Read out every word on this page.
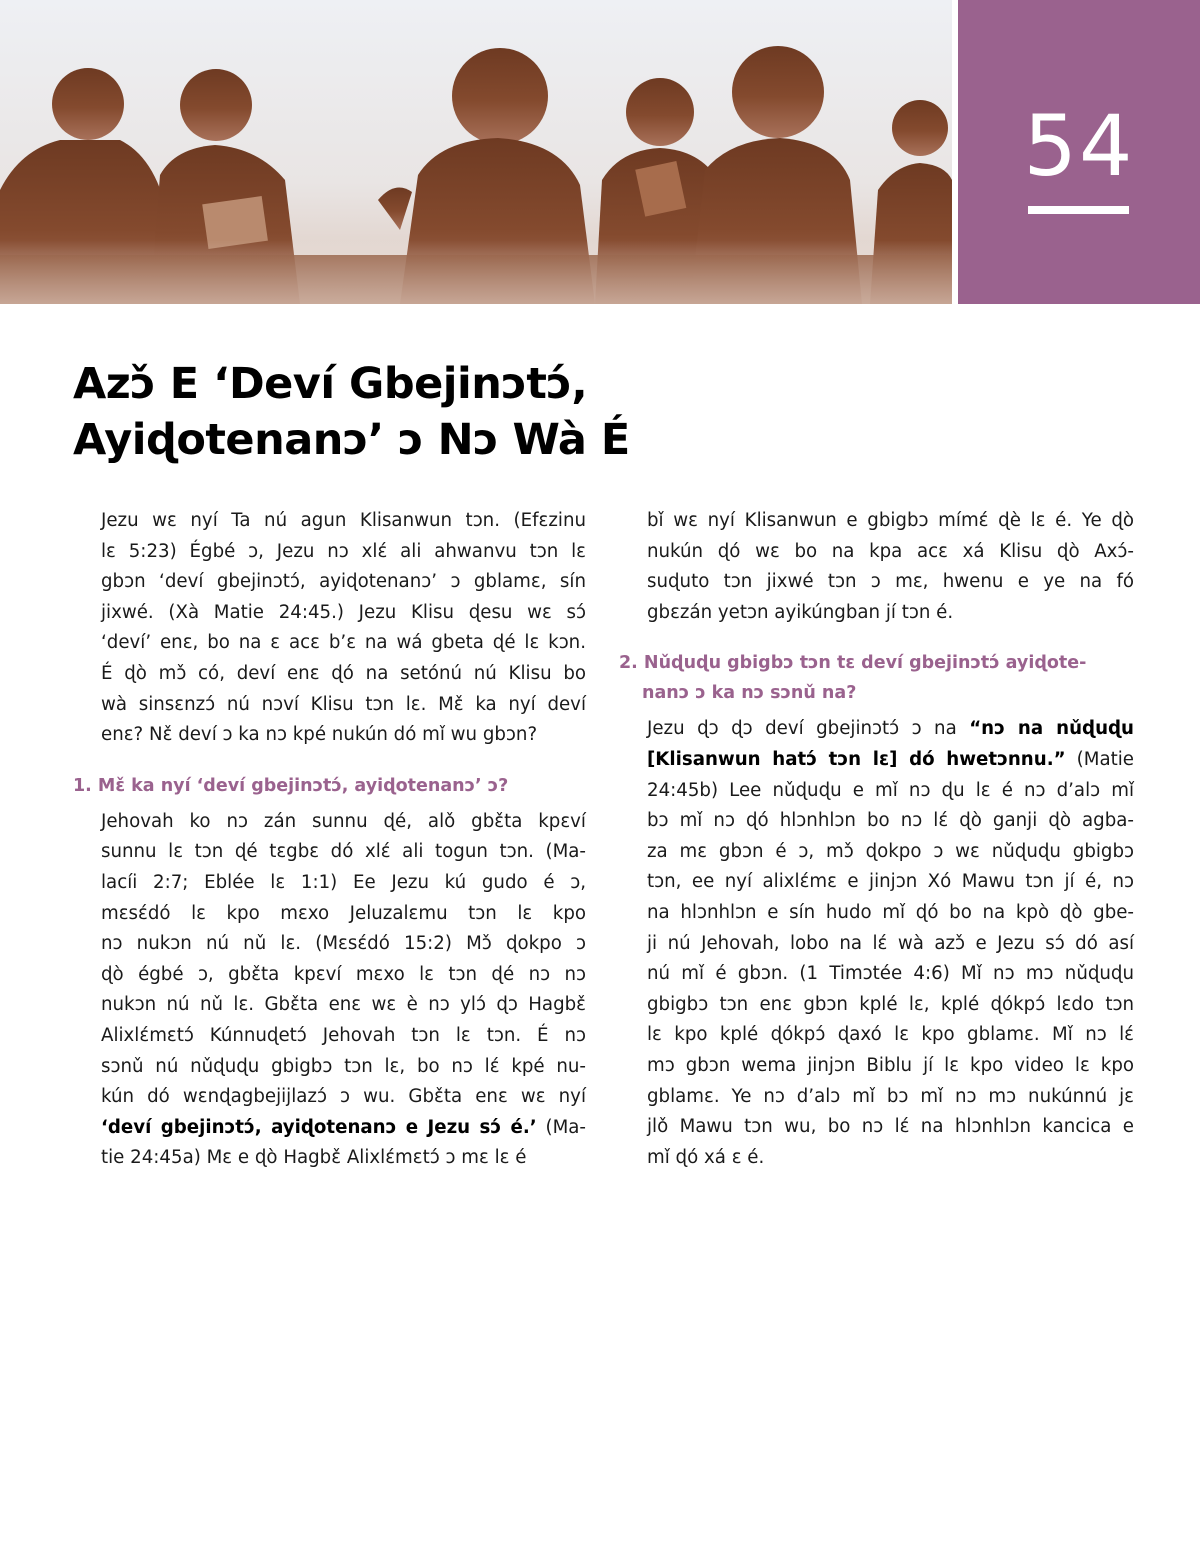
54
Azɔ̌ E ‘Deví Gbejinɔtɔ́,
Ayiɖotenanɔ’ ɔ Nɔ Wà É

Jezu wɛ nyí Ta nú agun Klisanwun tɔn. (Efɛzinu
lɛ 5:23) Égbé ɔ, Jezu nɔ xlɛ́ ali ahwanvu tɔn lɛ
gbɔn ‘deví gbejinɔtɔ́, ayiɖotenanɔ’ ɔ gblamɛ, sín
jixwé. (Xà Matie 24:45.) Jezu Klisu ɖesu wɛ sɔ́
‘deví’ enɛ, bo na ɛ acɛ b’ɛ na wá gbeta ɖé lɛ kɔn.
É ɖò mɔ̌ có, deví enɛ ɖó na setónú nú Klisu bo
wà sinsɛnzɔ́ nú nɔví Klisu tɔn lɛ. Mɛ̌ ka nyí deví
enɛ? Nɛ̌ deví ɔ ka nɔ kpé nukún dó mǐ wu gbɔn?

1. Mɛ̌ ka nyí ‘deví gbejinɔtɔ́, ayiɖotenanɔ’ ɔ?

Jehovah ko nɔ zán sunnu ɖé, alǒ gbɛ̌ta kpɛví
sunnu lɛ tɔn ɖé tɛgbɛ dó xlɛ́ ali togun tɔn. (Ma-
lacíi 2:7; Eblée lɛ 1:1) Ee Jezu kú gudo é ɔ,
mɛsɛ́dó lɛ kpo mɛxo Jeluzalɛmu tɔn lɛ kpo
nɔ nukɔn nú nǔ lɛ. (Mɛsɛ́dó 15:2) Mɔ̌ ɖokpo ɔ
ɖò égbé ɔ, gbɛ̌ta kpɛví mɛxo lɛ tɔn ɖé nɔ nɔ
nukɔn nú nǔ lɛ. Gbɛ̌ta enɛ wɛ è nɔ ylɔ́ ɖɔ Hagbɛ̌
Alixlɛ́mɛtɔ́ Kúnnuɖetɔ́ Jehovah tɔn lɛ tɔn. É nɔ
sɔnǔ nú nǔɖuɖu gbigbɔ tɔn lɛ, bo nɔ lɛ́ kpé nu-
kún dó wɛnɖagbejijlazɔ́ ɔ wu. Gbɛ̌ta enɛ wɛ nyí
‘deví gbejinɔtɔ́, ayiɖotenanɔ e Jezu sɔ́ é.’ (Ma-
tie 24:45a) Mɛ e ɖò Hagbɛ̌ Alixlɛ́mɛtɔ́ ɔ mɛ lɛ é

bǐ wɛ nyí Klisanwun e gbigbɔ mímɛ́ ɖè lɛ é. Ye ɖò
nukún ɖó wɛ bo na kpa acɛ xá Klisu ɖò Axɔ́-
suɖuto tɔn jixwé tɔn ɔ mɛ, hwenu e ye na fó
gbɛzán yetɔn ayikúngban jí tɔn é.

2. Nǔɖuɖu gbigbɔ tɔn tɛ deví gbejinɔtɔ́ ayiɖote-
nanɔ ɔ ka nɔ sɔnǔ na?

Jezu ɖɔ ɖɔ deví gbejinɔtɔ́ ɔ na “nɔ na nǔɖuɖu
[Klisanwun hatɔ́ tɔn lɛ] dó hwetɔnnu.” (Matie
24:45b) Lee nǔɖuɖu e mǐ nɔ ɖu lɛ é nɔ d’alɔ mǐ
bɔ mǐ nɔ ɖó hlɔnhlɔn bo nɔ lɛ́ ɖò ganji ɖò agba-
za mɛ gbɔn é ɔ, mɔ̌ ɖokpo ɔ wɛ nǔɖuɖu gbigbɔ
tɔn, ee nyí alixlɛ́mɛ e jinjɔn Xó Mawu tɔn jí é, nɔ
na hlɔnhlɔn e sín hudo mǐ ɖó bo na kpò ɖò gbe-
ji nú Jehovah, lobo na lɛ́ wà azɔ̌ e Jezu sɔ́ dó así
nú mǐ é gbɔn. (1 Timɔtée 4:6) Mǐ nɔ mɔ nǔɖuɖu
gbigbɔ tɔn enɛ gbɔn kplé lɛ, kplé ɖókpɔ́ lɛdo tɔn
lɛ kpo kplé ɖókpɔ́ ɖaxó lɛ kpo gblamɛ. Mǐ nɔ lɛ́
mɔ gbɔn wema jinjɔn Biblu jí lɛ kpo video lɛ kpo
gblamɛ. Ye nɔ d’alɔ mǐ bɔ mǐ nɔ mɔ nukúnnú jɛ
jlǒ Mawu tɔn wu, bo nɔ lɛ́ na hlɔnhlɔn kancica e
mǐ ɖó xá ɛ é.
